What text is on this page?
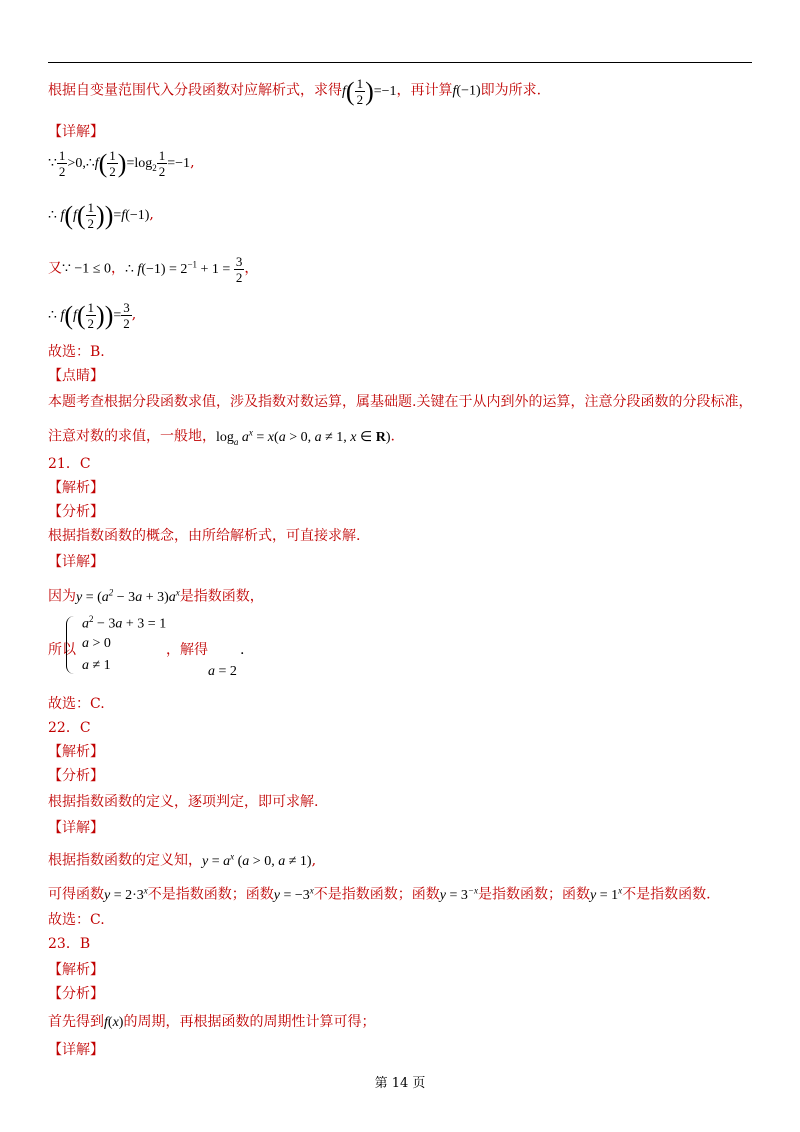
根据自变量范围代入分段函数对应解析式，求得$f( \frac{1}{2} )=-1$，再计算f(−1)即为所求.
【详解】
∵ $\frac{1}{2}$ >0,∴f( $\frac{1}{2} )=\log_2 \frac{1}{2} =-1$,
∴ $f(f( \frac{1}{2} ))=f(-1)$,
又∵ −1 ≤ 0，∴ $f(-1) = 2^{-1} + 1 = \frac{3}{2}$ ，
∴ $f(f( \frac{1}{2}$ ))= $\frac{3}{2}$ ,
故选：B.
【点睛】
本题考查根据分段函数求值，涉及指数对数运算，属基础题.关键在于从内到外的运算，注意分段函数的分段标准，
注意对数的求值，一般地，$\log_a a^x = x(a > 0$, a ≠ 1, x ∈ R).
21．C
【解析】
【分析】
根据指数函数的概念，由所给解析式，可直接求解.
【详解】
因为$y = (a^2 - 3a + 3)a^x$是指数函数，
所以
$a^2 - 3a + 3 = 1$
a > 0
a ≠ 1
，解得 .
a = 2
故选：C.
22．C
【解析】
【分析】
根据指数函数的定义，逐项判定，即可求解.
【详解】
根据指数函数的定义知，$y = a^x$ (a > 0, a ≠ 1),
可得函数$y = 2\cdot 3^x$不是指数函数；函数$y = -3^x$不是指数函数；函数$y = 3^{-x}$是指数函数；函数$y = 1^x$不是指数函数.
故选：C.
23．B
【解析】
【分析】
首先得到f(x)的周期，再根据函数的周期性计算可得；
【详解】
第 14 页
